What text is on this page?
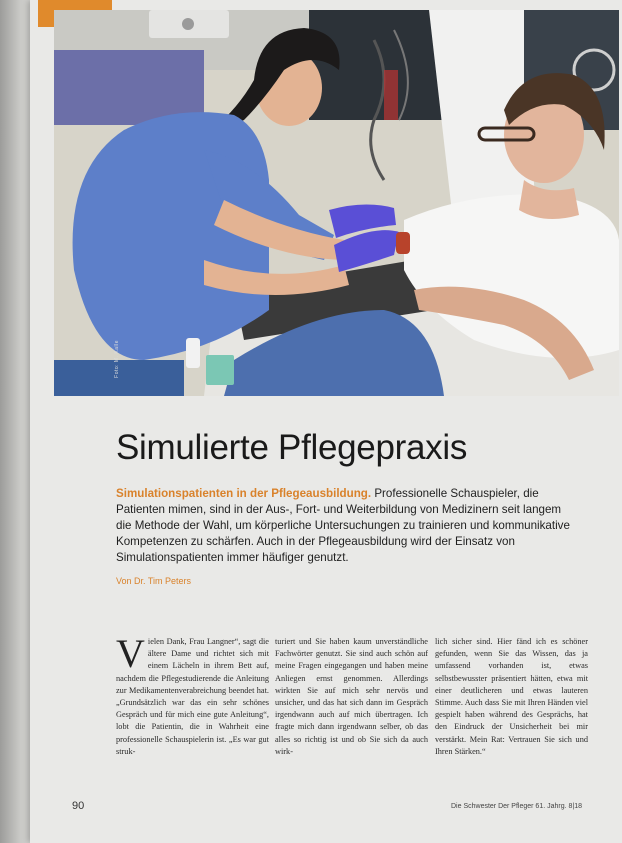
Foto: M. Kalle
Simulierte Pflegepraxis

Simulationspatienten in der Pflegeausbildung. Professionelle Schauspieler, die Patienten mimen, sind in der Aus-, Fort- und Weiterbildung von Medizinern seit langem die Methode der Wahl, um körperliche Untersuchungen zu trainieren und kommunikative Kompetenzen zu schärfen. Auch in der Pflegeausbildung wird der Einsatz von Simulationspatienten immer häufiger genutzt.

Von Dr. Tim Peters

Vielen Dank, Frau Langner“, sagt die ältere Dame und richtet sich mit einem Lächeln in ihrem Bett auf, nachdem die Pflegestudierende die Anleitung zur Medikamentenverabreichung beendet hat. „Grundsätzlich war das ein sehr schönes Gespräch und für mich eine gute Anleitung“, lobt die Patientin, die in Wahrheit eine professionelle Schauspielerin ist. „Es war gut struk-

turiert und Sie haben kaum unverständliche Fachwörter genutzt. Sie sind auch schön auf meine Fragen eingegangen und haben meine Anliegen ernst genommen. Allerdings wirkten Sie auf mich sehr nervös und unsicher, und das hat sich dann im Gespräch irgendwann auch auf mich übertragen. Ich fragte mich dann irgendwann selber, ob das alles so richtig ist und ob Sie sich da auch wirk-

lich sicher sind. Hier fänd ich es schöner gefunden, wenn Sie das Wissen, das ja umfassend vorhanden ist, etwas selbstbewusster präsentiert hätten, etwa mit einer deutlicheren und etwas lauteren Stimme. Auch dass Sie mit Ihren Händen viel gespielt haben während des Gesprächs, hat den Eindruck der Unsicherheit bei mir verstärkt. Mein Rat: Vertrauen Sie sich und Ihren Stärken.“

90	Die Schwester Der Pfleger 61. Jahrg. 8|18
